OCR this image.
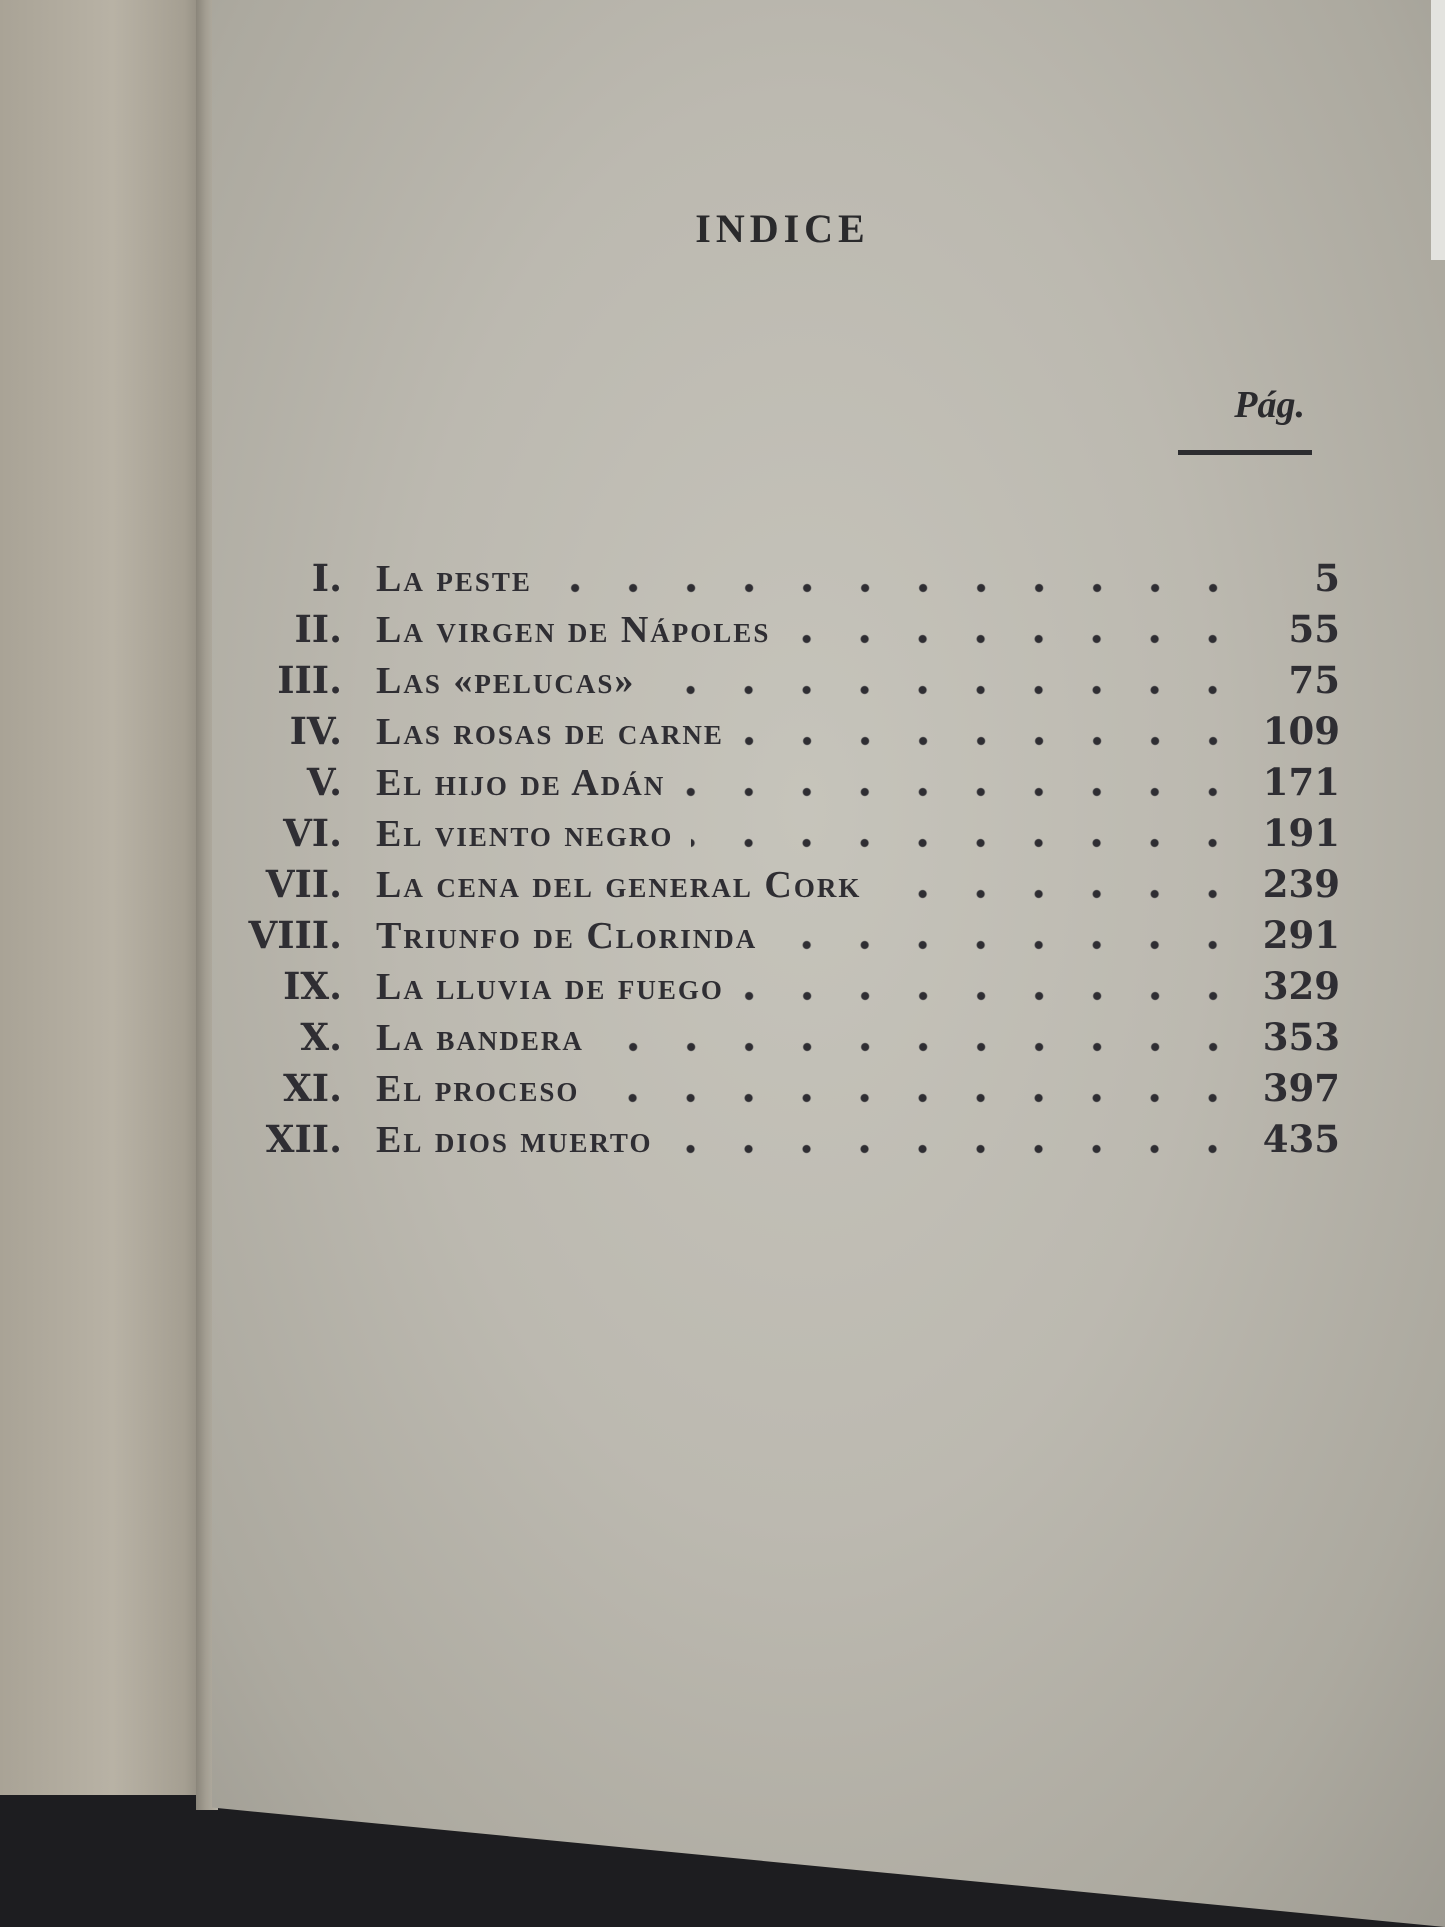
INDICE
Pág.
I. La peste	5
II. La virgen de Nápoles	55
III. Las «pelucas»	75
IV. Las rosas de carne	109
V. El hijo de Adán	171
VI. El viento negro	191
VII. La cena del general Cork	239
VIII. Triunfo de Clorinda	291
IX. La lluvia de fuego	329
X. La bandera	353
XI. El proceso	397
XII. El dios muerto	435
